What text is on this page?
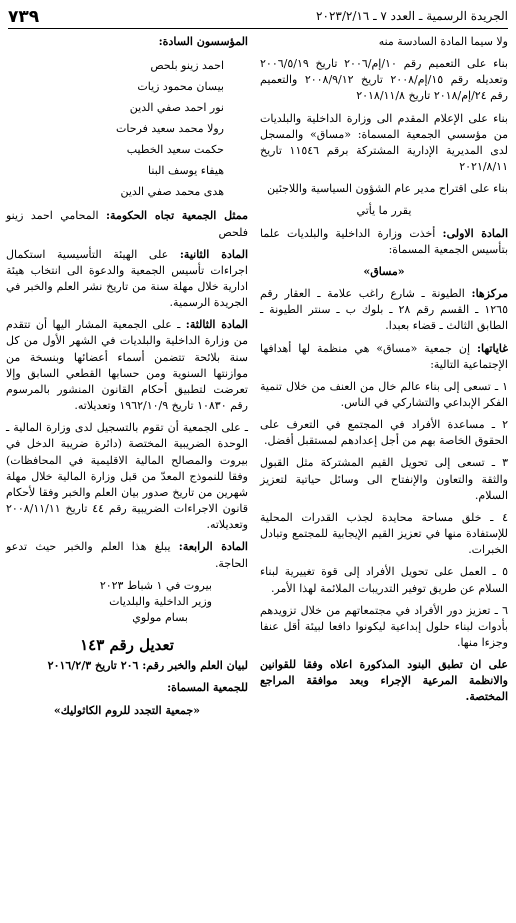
٧٣٩	الجريدة الرسمية ـ العدد ٧ ـ ٢٠٢٣/٢/١٦

ولا سيما المادة السادسة منه

بناء على التعميم رقم ١٠/إم/٢٠٠٦ تاريخ ٢٠٠٦/٥/١٩ وتعديله رقم ١٥/إم/٢٠٠٨ تاريخ ٢٠٠٨/٩/١٢ والتعميم رقم ٢٤/إم/٢٠١٨ تاريخ ٢٠١٨/١١/٨

بناء على الإعلام المقدم الى وزارة الداخلية والبلديات من مؤسسي الجمعية المسماة: «مساق» والمسجل لدى المديرية الإدارية المشتركة برقم ١١٥٤٦ تاريخ ٢٠٢١/٨/١١

بناء على اقتراح مدير عام الشؤون السياسية واللاجئين

يقرر ما يأتي

المادة الاولى: أخذت وزارة الداخلية والبلديات علما بتأسيس الجمعية المسماة:

«مساق»

مركزها: الطيونة ـ شارع راغب علامة ـ العقار رقم ١٢٦٥ ـ القسم رقم ٢٨ ـ بلوك ب ـ سنتر الطيونة ـ الطابق الثالث ـ قضاء بعبدا.

غاياتها: إن جمعية «مساق» هي منظمة لها أهدافها الإجتماعية التالية:

١ ـ تسعى إلى بناء عالم خال من العنف من خلال تنمية الفكر الإبداعي والتشاركي في الناس.

٢ ـ مساعدة الأفراد في المجتمع في التعرف على الحقوق الخاصة بهم من أجل إعدادهم لمستقبل أفضل.

٣ ـ تسعى إلى تحويل القيم المشتركة مثل القبول والثقة والتعاون والإنفتاح الى وسائل حياتية لتعزيز السلام.

٤ ـ خلق مساحة محايدة لجذب القدرات المحلية للإستفادة منها في تعزيز القيم الإيجابية للمجتمع وتبادل الخبرات.

٥ ـ العمل على تحويل الأفراد إلى قوة تغييرية لبناء السلام عن طريق توفير التدريبات الملائمة لهذا الأمر.

٦ ـ تعزيز دور الأفراد في مجتمعاتهم من خلال تزويدهم بأدوات لبناء حلول إبداعية ليكونوا دافعا لبيئة أقل عنفا وجزءا منها.

على ان تطبق البنود المذكورة اعلاه وفقا للقوانين والانظمة المرعية الإجراء وبعد موافقة المراجع المختصة.

المؤسسون السادة:

احمد زينو بلحص
بيسان محمود زيات
نور احمد صفي الدين
رولا محمد سعيد فرحات
حكمت سعيد الخطيب
هيفاء يوسف البنا
هدى محمد صفي الدين

ممثل الجمعية تجاه الحكومة: المحامي احمد زينو فلحص

المادة الثانية: على الهيئة التأسيسية استكمال اجراءات تأسيس الجمعية والدعوة الى انتخاب هيئة ادارية خلال مهلة سنة من تاريخ نشر العلم والخبر في الجريدة الرسمية.

المادة الثالثة: ـ على الجمعية المشار اليها أن تتقدم من وزارة الداخلية والبلديات في الشهر الأول من كل سنة بلائحة تتضمن أسماء أعضائها وبنسخة من موازنتها السنوية ومن حسابها القطعي السابق وإلا تعرضت لتطبيق أحكام القانون المنشور بالمرسوم رقم ١٠٨٣٠ تاريخ ١٩٦٢/١٠/٩ وتعديلاته.

ـ على الجمعية أن تقوم بالتسجيل لدى وزارة المالية ـ الوحدة الضريبية المختصة (دائرة ضريبة الدخل في بيروت والمصالح المالية الاقليمية في المحافظات) وفقا للنموذج المعدّ من قبل وزارة المالية خلال مهلة شهرين من تاريخ صدور بيان العلم والخبر وفقا لأحكام قانون الاجراءات الضريبية رقم ٤٤ تاريخ ٢٠٠٨/١١/١١ وتعديلاته.

المادة الرابعة: يبلغ هذا العلم والخبر حيث تدعو الحاجة.

بيروت في ١ شباط ٢٠٢٣

وزير الداخلية والبلديات

بسام مولوي

تعديل رقم ١٤٣

لبيان العلم والخبر رقم: ٢٠٦ تاريخ ٢٠١٦/٢/٣

للجمعية المسماة:

«جمعية التجدد للروم الكاثوليك»
